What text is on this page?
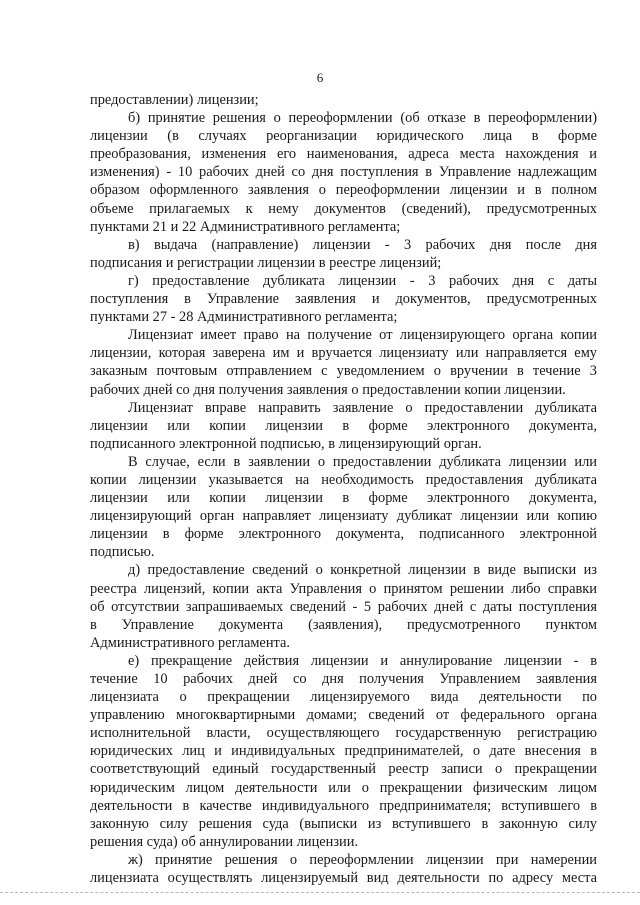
6
предоставлении) лицензии;
б) принятие решения о переоформлении (об отказе в переоформлении)
лицензии (в случаях реорганизации юридического лица в форме
преобразования, изменения его наименования, адреса места нахождения и
изменения) - 10 рабочих дней со дня поступления в Управление надлежащим
образом оформленного заявления о переоформлении лицензии и в полном
объеме прилагаемых к нему документов (сведений), предусмотренных
пунктами 21 и 22 Административного регламента;
в) выдача (направление) лицензии - 3 рабочих дня после дня
подписания и регистрации лицензии в реестре лицензий;
г) предоставление дубликата лицензии - 3 рабочих дня с даты
поступления в Управление заявления и документов, предусмотренных
пунктами 27 - 28 Административного регламента;
Лицензиат имеет право на получение от лицензирующего органа копии
лицензии, которая заверена им и вручается лицензиату или направляется ему
заказным почтовым отправлением с уведомлением о вручении в течение 3
рабочих дней со дня получения заявления о предоставлении копии лицензии.
Лицензиат вправе направить заявление о предоставлении дубликата
лицензии или копии лицензии в форме электронного документа,
подписанного электронной подписью, в лицензирующий орган.
В случае, если в заявлении о предоставлении дубликата лицензии или
копии лицензии указывается на необходимость предоставления дубликата
лицензии или копии лицензии в форме электронного документа,
лицензирующий орган направляет лицензиату дубликат лицензии или копию
лицензии в форме электронного документа, подписанного электронной
подписью.
д) предоставление сведений о конкретной лицензии в виде выписки из
реестра лицензий, копии акта Управления о принятом решении либо справки
об отсутствии запрашиваемых сведений - 5 рабочих дней с даты поступления
в Управление документа (заявления), предусмотренного пунктом
Административного регламента.
е) прекращение действия лицензии и аннулирование лицензии - в
течение 10 рабочих дней со дня получения Управлением заявления
лицензиата о прекращении лицензируемого вида деятельности по
управлению многоквартирными домами; сведений от федерального органа
исполнительной власти, осуществляющего государственную регистрацию
юридических лиц и индивидуальных предпринимателей, о дате внесения в
соответствующий единый государственный реестр записи о прекращении
юридическим лицом деятельности или о прекращении физическим лицом
деятельности в качестве индивидуального предпринимателя; вступившего в
законную силу решения суда (выписки из вступившего в законную силу
решения суда) об аннулировании лицензии.
ж) принятие решения о переоформлении лицензии при намерении
лицензиата осуществлять лицензируемый вид деятельности по адресу места
